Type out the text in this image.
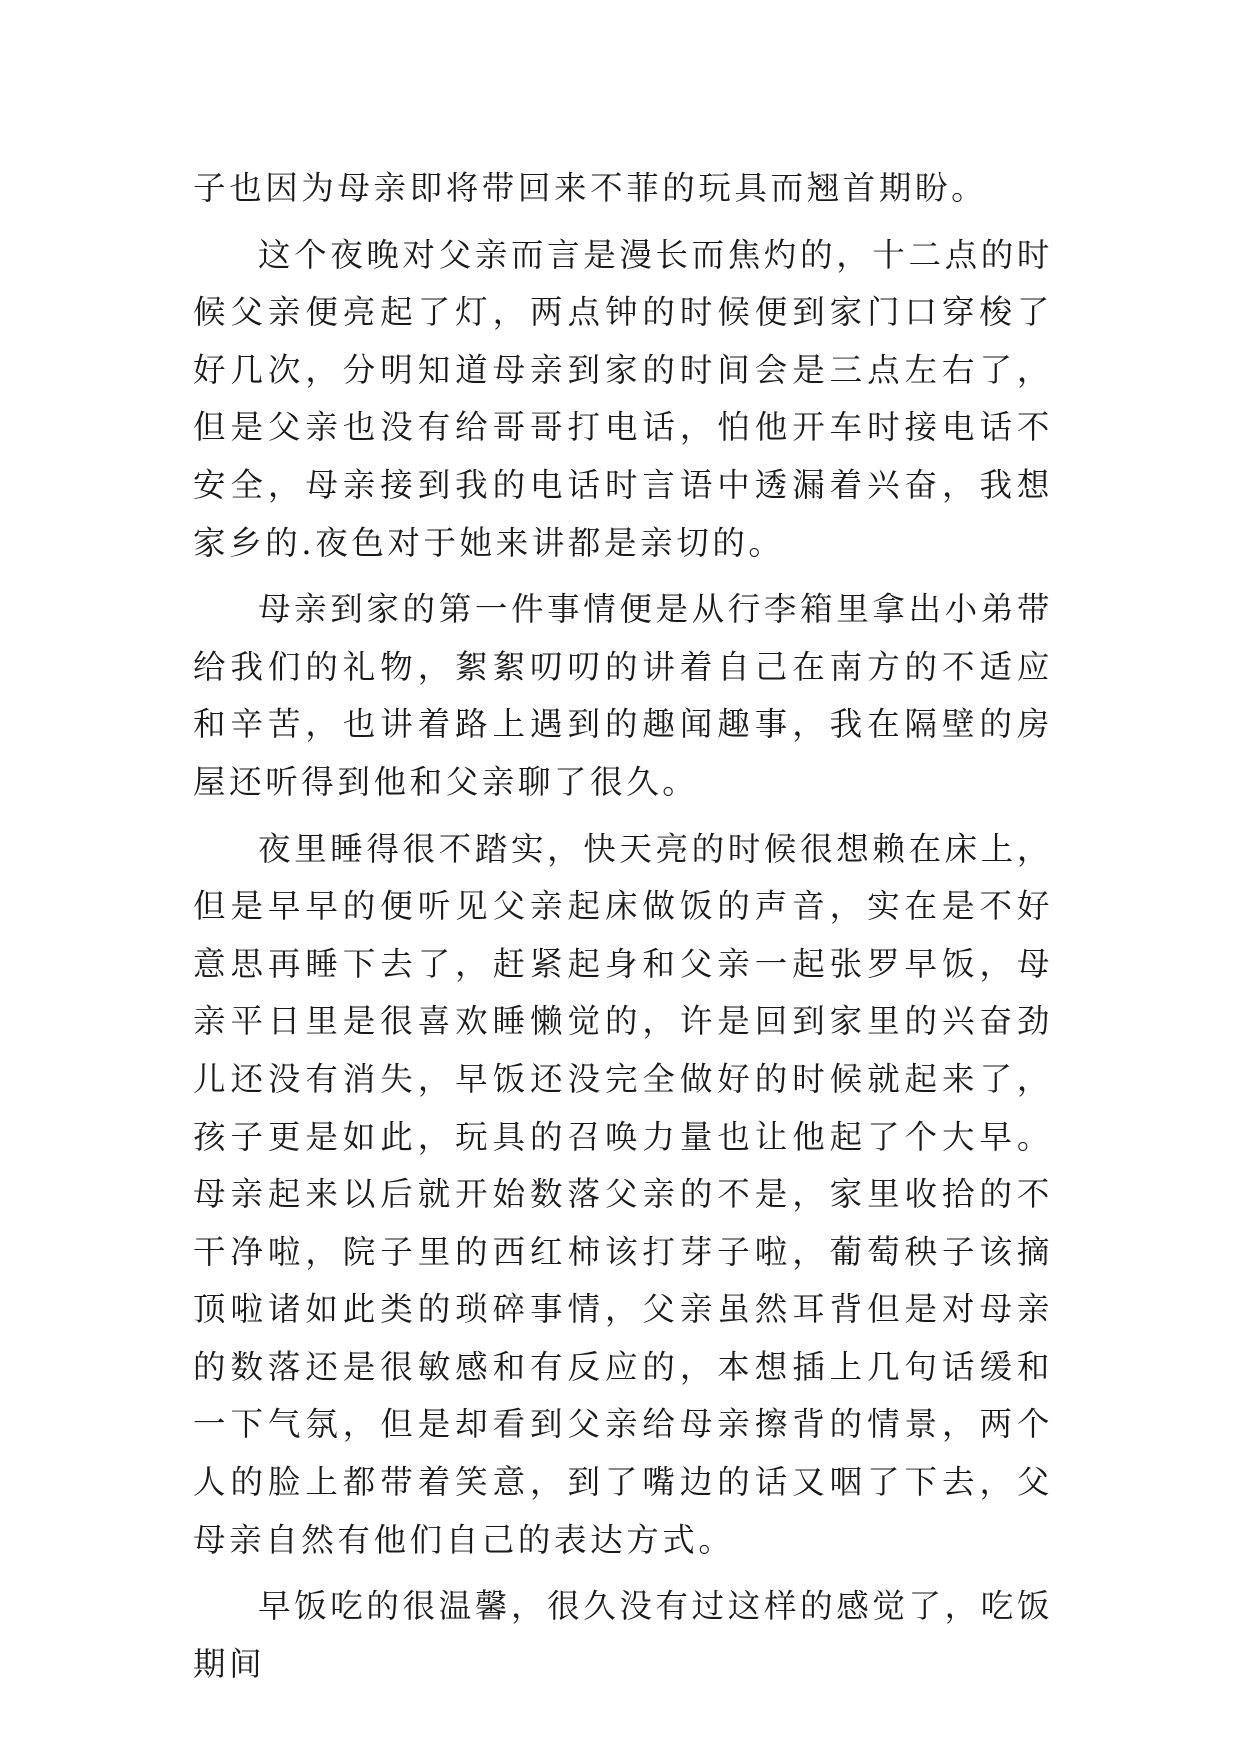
子也因为母亲即将带回来不菲的玩具而翘首期盼。

这个夜晚对父亲而言是漫长而焦灼的，十二点的时候父亲便亮起了灯，两点钟的时候便到家门口穿梭了好几次，分明知道母亲到家的时间会是三点左右了，但是父亲也没有给哥哥打电话，怕他开车时接电话不安全，母亲接到我的电话时言语中透漏着兴奋，我想家乡的.夜色对于她来讲都是亲切的。

母亲到家的第一件事情便是从行李箱里拿出小弟带给我们的礼物，絮絮叨叨的讲着自己在南方的不适应和辛苦，也讲着路上遇到的趣闻趣事，我在隔壁的房屋还听得到他和父亲聊了很久。

夜里睡得很不踏实，快天亮的时候很想赖在床上，但是早早的便听见父亲起床做饭的声音，实在是不好意思再睡下去了，赶紧起身和父亲一起张罗早饭，母亲平日里是很喜欢睡懒觉的，许是回到家里的兴奋劲儿还没有消失，早饭还没完全做好的时候就起来了，孩子更是如此，玩具的召唤力量也让他起了个大早。母亲起来以后就开始数落父亲的不是，家里收拾的不干净啦，院子里的西红柿该打芽子啦，葡萄秧子该摘顶啦诸如此类的琐碎事情，父亲虽然耳背但是对母亲的数落还是很敏感和有反应的，本想插上几句话缓和一下气氛，但是却看到父亲给母亲擦背的情景，两个人的脸上都带着笑意，到了嘴边的话又咽了下去，父母亲自然有他们自己的表达方式。

早饭吃的很温馨，很久没有过这样的感觉了，吃饭期间
